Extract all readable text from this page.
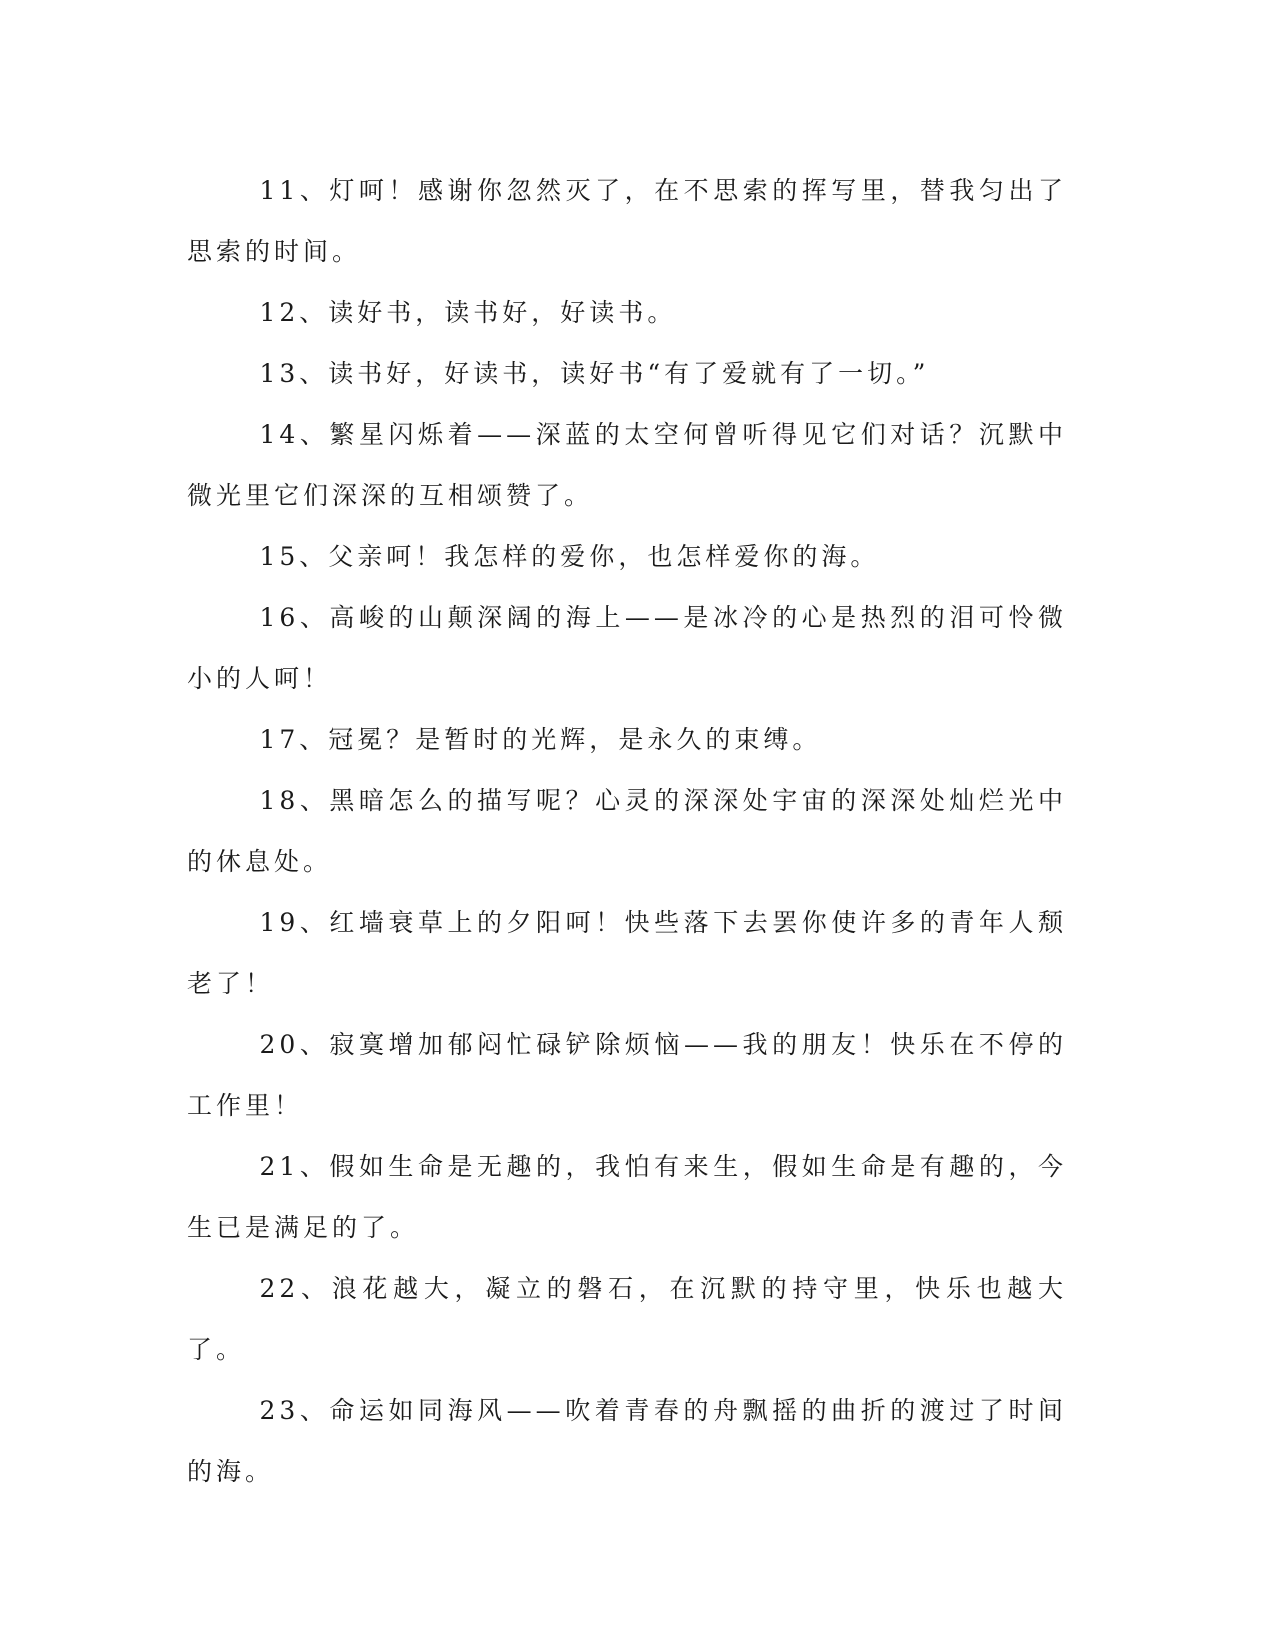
11、灯呵！感谢你忽然灭了，在不思索的挥写里，替我匀出了思索的时间。

12、读好书，读书好，好读书。

13、读书好，好读书，读好书“有了爱就有了一切。”

14、繁星闪烁着——深蓝的太空何曾听得见它们对话？沉默中微光里它们深深的互相颂赞了。

15、父亲呵！我怎样的爱你，也怎样爱你的海。

16、高峻的山颠深阔的海上——是冰冷的心是热烈的泪可怜微小的人呵！

17、冠冕？是暂时的光辉，是永久的束缚。

18、黑暗怎么的描写呢？心灵的深深处宇宙的深深处灿烂光中的休息处。

19、红墙衰草上的夕阳呵！快些落下去罢你使许多的青年人颓老了！

20、寂寞增加郁闷忙碌铲除烦恼——我的朋友！快乐在不停的工作里！

21、假如生命是无趣的，我怕有来生，假如生命是有趣的，今生已是满足的了。

22、浪花越大，凝立的磐石，在沉默的持守里，快乐也越大了。

23、命运如同海风——吹着青春的舟飘摇的曲折的渡过了时间的海。
